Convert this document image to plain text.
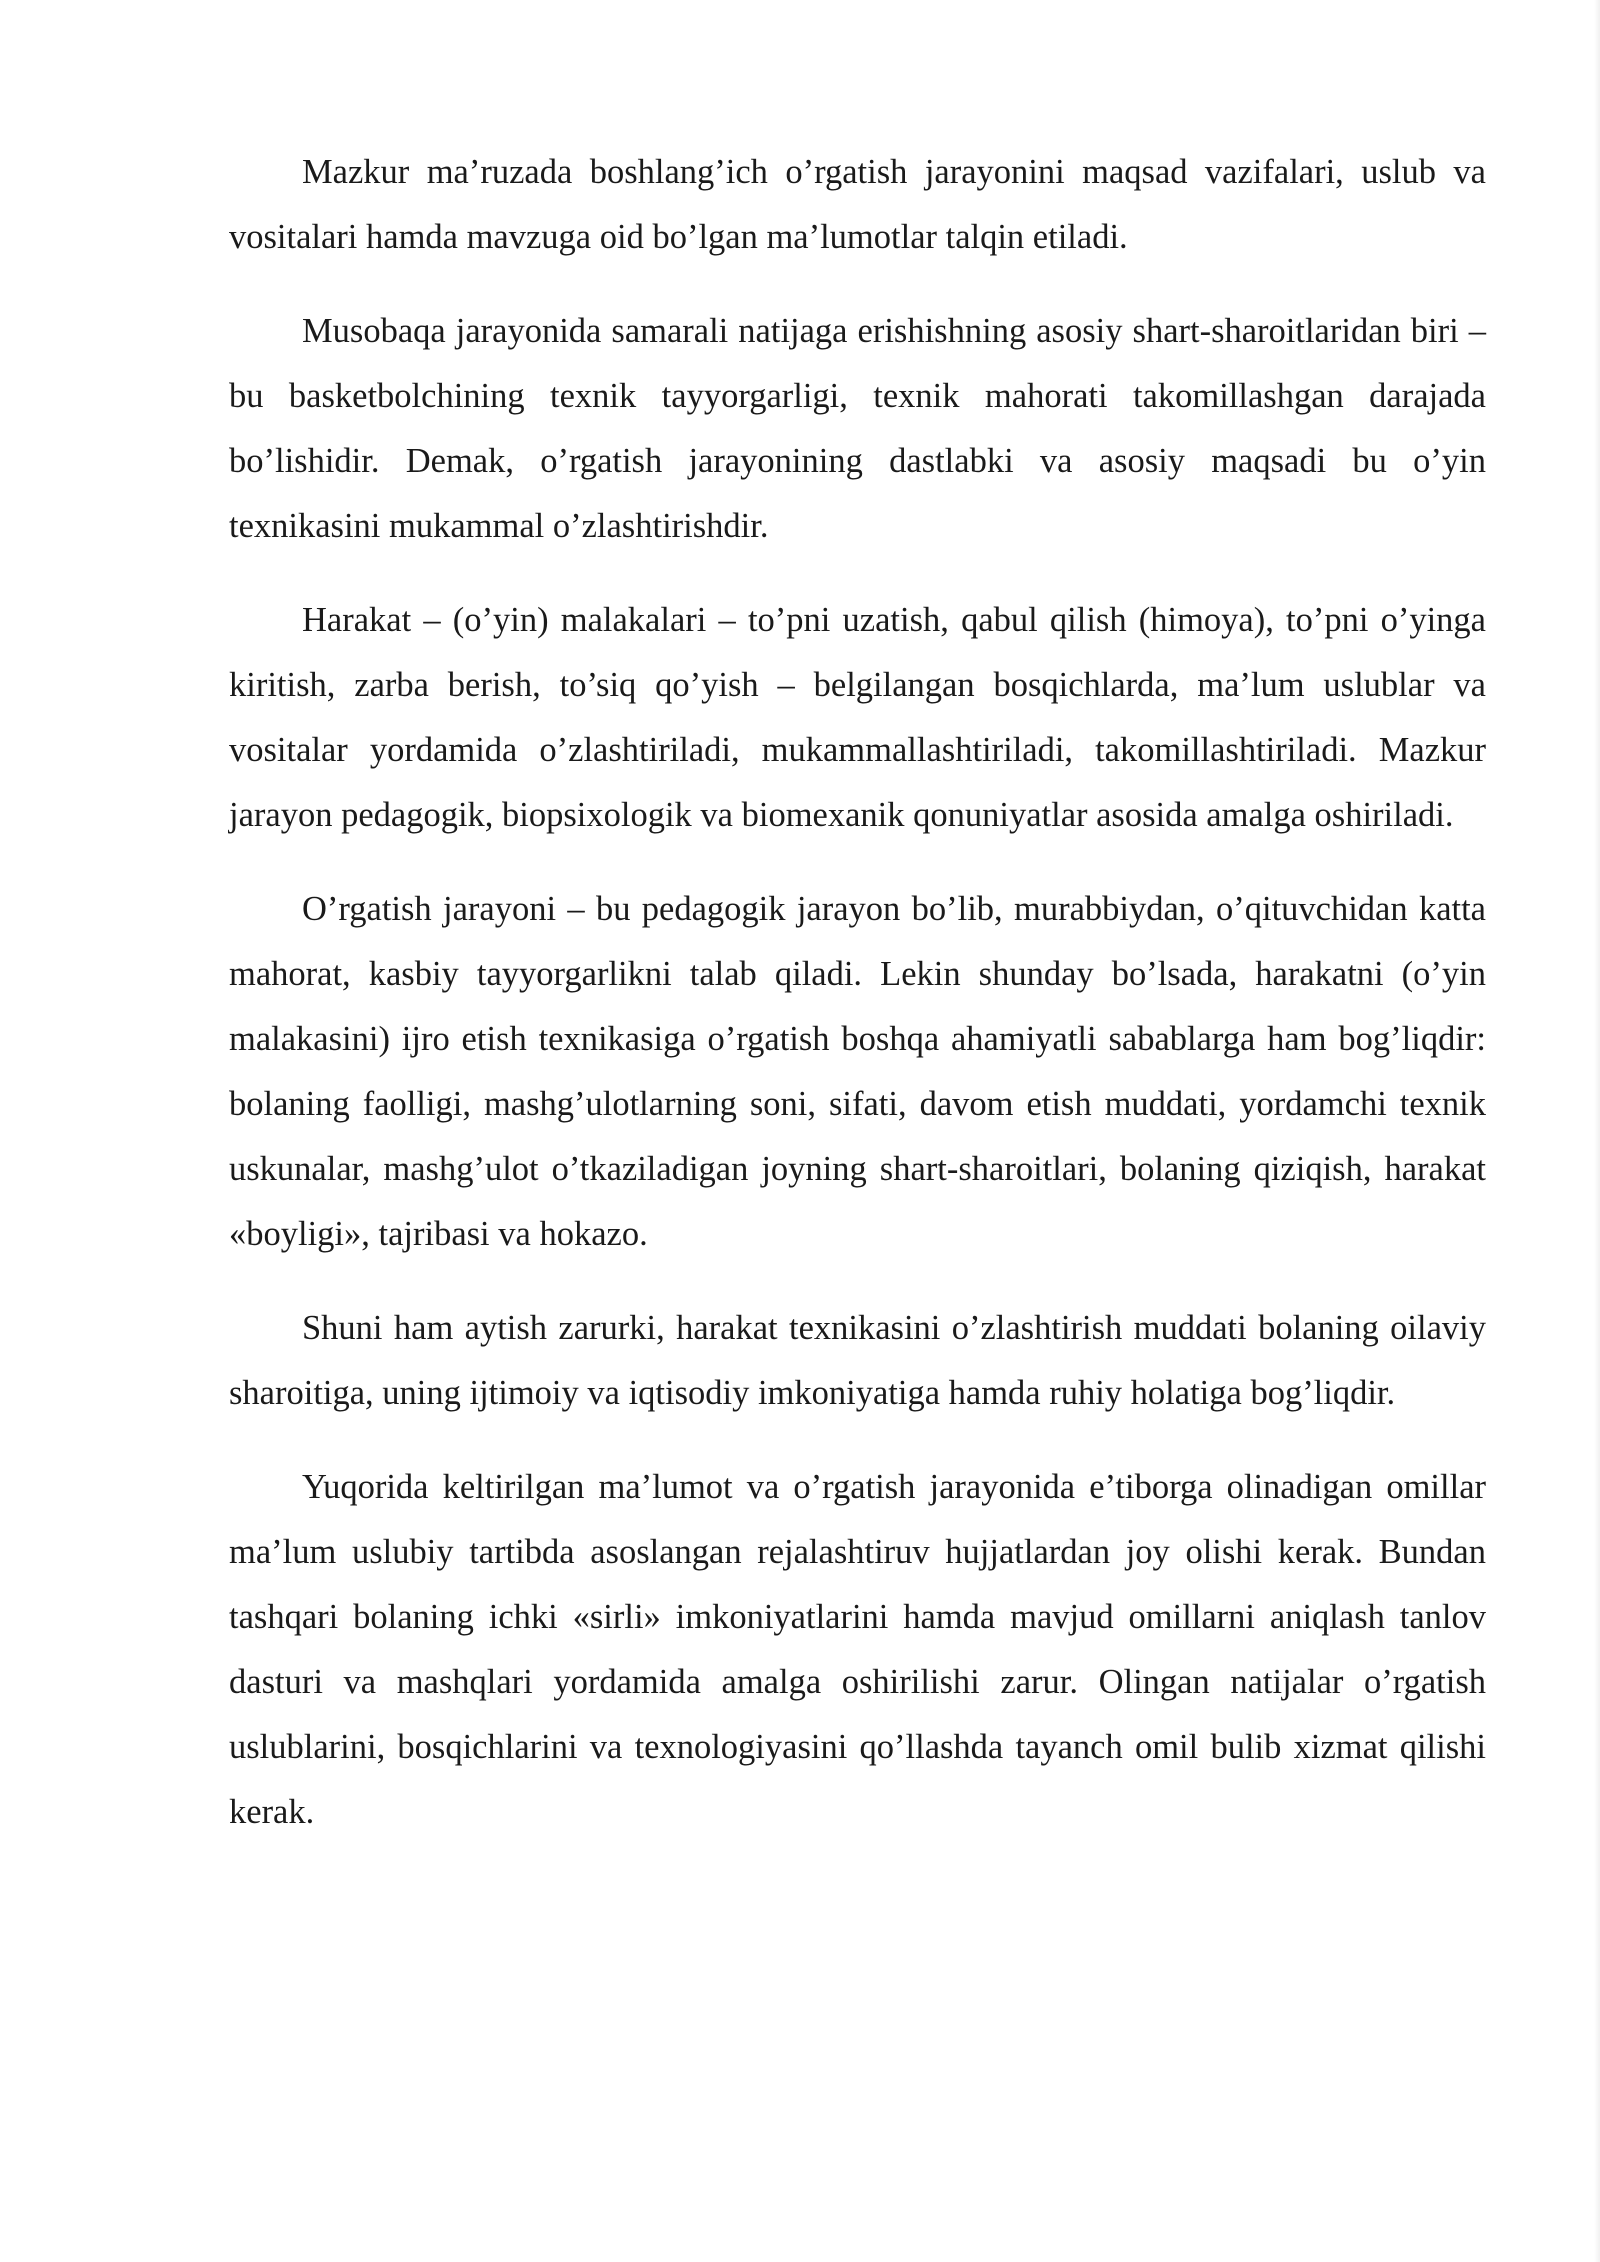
Mazkur ma’ruzada boshlang’ich o’rgatish jarayonini maqsad vazifalari, uslub va vositalari hamda mavzuga oid bo’lgan ma’lumotlar talqin etiladi.

Musobaqa jarayonida samarali natijaga erishishning asosiy shart-sharoitlaridan biri – bu basketbolchining texnik tayyorgarligi, texnik mahorati takomillashgan darajada bo’lishidir. Demak, o’rgatish jarayonining dastlabki va asosiy maqsadi bu o’yin texnikasini mukammal o’zlashtirishdir.

Harakat – (o’yin) malakalari – to’pni uzatish, qabul qilish (himoya), to’pni o’yinga kiritish, zarba berish, to’siq qo’yish – belgilangan bosqichlarda, ma’lum uslublar va vositalar yordamida o’zlashtiriladi, mukammallashtiriladi, takomillashtiriladi. Mazkur jarayon pedagogik, biopsixologik va biomexanik qonuniyatlar asosida amalga oshiriladi.

O’rgatish jarayoni – bu pedagogik jarayon bo’lib, murabbiydan, o’qituvchidan katta mahorat, kasbiy tayyorgarlikni talab qiladi. Lekin shunday bo’lsada, harakatni (o’yin malakasini) ijro etish texnikasiga o’rgatish boshqa ahamiyatli sabablarga ham bog’liqdir: bolaning faolligi, mashg’ulotlarning soni, sifati, davom etish muddati, yordamchi texnik uskunalar, mashg’ulot o’tkaziladigan joyning shart-sharoitlari, bolaning qiziqish, harakat «boyligi», tajribasi va hokazo.

Shuni ham aytish zarurki, harakat texnikasini o’zlashtirish muddati bolaning oilaviy sharoitiga, uning ijtimoiy va iqtisodiy imkoniyatiga hamda ruhiy holatiga bog’liqdir.

Yuqorida keltirilgan ma’lumot va o’rgatish jarayonida e’tiborga olinadigan omillar ma’lum uslubiy tartibda asoslangan rejalashtiruv hujjatlardan joy olishi kerak. Bundan tashqari bolaning ichki «sirli» imkoniyatlarini hamda mavjud omillarni aniqlash tanlov dasturi va mashqlari yordamida amalga oshirilishi zarur. Olingan natijalar o’rgatish uslublarini, bosqichlarini va texnologiyasini qo’llashda tayanch omil bulib xizmat qilishi kerak.
